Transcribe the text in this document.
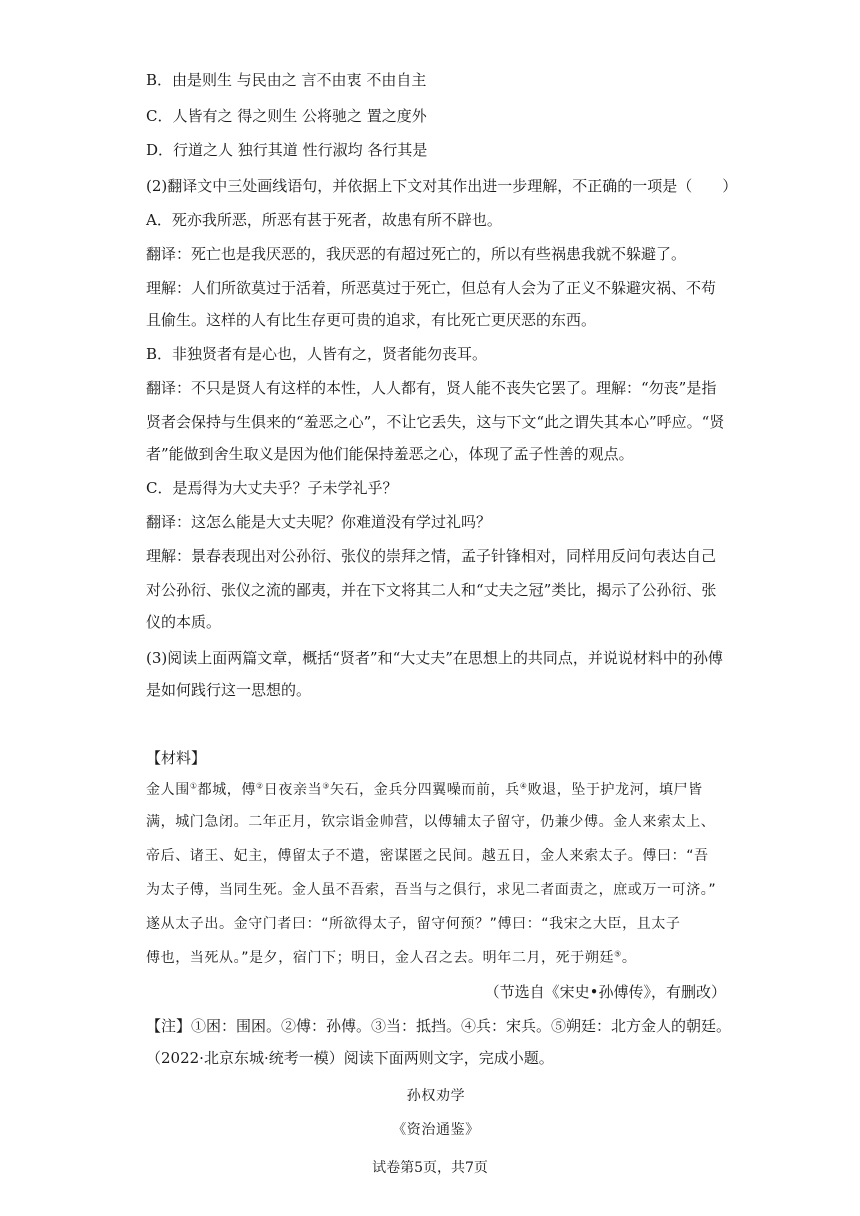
B．由是则生 与民由之 言不由衷 不由自主
C．人皆有之 得之则生 公将驰之 置之度外
D．行道之人 独行其道 性行淑均 各行其是
(2)翻译文中三处画线语句，并依据上下文对其作出进一步理解，不正确的一项是（　　）
A．死亦我所恶，所恶有甚于死者，故患有所不辟也。
翻译：死亡也是我厌恶的，我厌恶的有超过死亡的，所以有些祸患我就不躲避了。
理解：人们所欲莫过于活着，所恶莫过于死亡，但总有人会为了正义不躲避灾祸、不苟
且偷生。这样的人有比生存更可贵的追求，有比死亡更厌恶的东西。
B．非独贤者有是心也，人皆有之，贤者能勿丧耳。
翻译：不只是贤人有这样的本性，人人都有，贤人能不丧失它罢了。理解：“勿丧”是指
贤者会保持与生俱来的“羞恶之心”，不让它丢失，这与下文“此之谓失其本心”呼应。“贤
者”能做到舍生取义是因为他们能保持羞恶之心，体现了孟子性善的观点。
C．是焉得为大丈夫乎？子未学礼乎？
翻译：这怎么能是大丈夫呢？你难道没有学过礼吗？
理解：景春表现出对公孙衍、张仪的崇拜之情，孟子针锋相对，同样用反问句表达自己
对公孙衍、张仪之流的鄙夷，并在下文将其二人和“丈夫之冠”类比，揭示了公孙衍、张
仪的本质。
(3)阅读上面两篇文章，概括“贤者”和“大丈夫”在思想上的共同点，并说说材料中的孙傅
是如何践行这一思想的。
【材料】
金人围①都城，傅②日夜亲当③矢石，金兵分四翼噪而前，兵④败退，坠于护龙河，填尸皆
满，城门急闭。二年正月，钦宗诣金帅营，以傅辅太子留守，仍兼少傅。金人来索太上、
帝后、诸王、妃主，傅留太子不遣，密谋匿之民间。越五日，金人来索太子。傅曰：“吾
为太子傅，当同生死。金人虽不吾索，吾当与之俱行，求见二者面责之，庶或万一可济。”
遂从太子出。金守门者曰：“所欲得太子，留守何预？”傅曰：“我宋之大臣，且太子
傅也，当死从。”是夕，宿门下；明日，金人召之去。明年二月，死于朔廷⑤。
（节选自《宋史•孙傅传》，有删改）
【注】①困：围困。②傅：孙傅。③当：抵挡。④兵：宋兵。⑤朔廷：北方金人的朝廷。
（2022·北京东城·统考一模）阅读下面两则文字，完成小题。
孙权劝学
《资治通鉴》
试卷第5页，共7页
